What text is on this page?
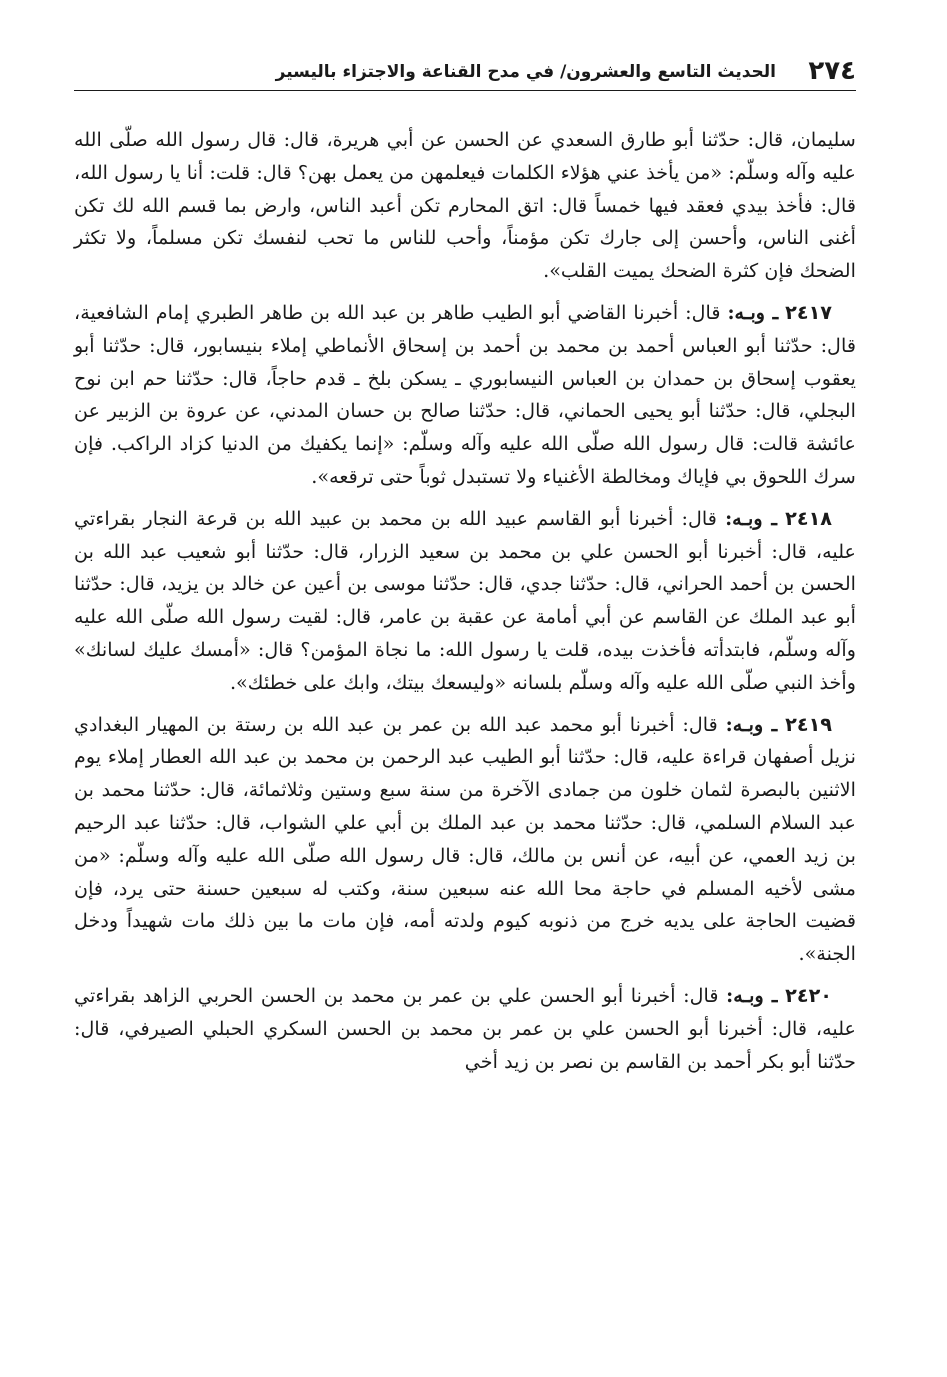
٢٧٤
الحديث التاسع والعشرون/ في مدح القناعة والاجتزاء باليسير

سليمان، قال: حدّثنا أبو طارق السعدي عن الحسن عن أبي هريرة، قال: قال رسول الله صلّى الله عليه وآله وسلّم: «من يأخذ عني هؤلاء الكلمات فيعلمهن من يعمل بهن؟ قال: قلت: أنا يا رسول الله، قال: فأخذ بيدي فعقد فيها خمساً قال: اتق المحارم تكن أعبد الناس، وارض بما قسم الله لك تكن أغنى الناس، وأحسن إلى جارك تكن مؤمناً، وأحب للناس ما تحب لنفسك تكن مسلماً، ولا تكثر الضحك فإن كثرة الضحك يميت القلب».

٢٤١٧ ـ وبـه: قال: أخبرنا القاضي أبو الطيب طاهر بن عبد الله بن طاهر الطبري إمام الشافعية، قال: حدّثنا أبو العباس أحمد بن محمد بن أحمد بن إسحاق الأنماطي إملاء بنيسابور، قال: حدّثنا أبو يعقوب إسحاق بن حمدان بن العباس النيسابوري ـ يسكن بلخ ـ قدم حاجاً، قال: حدّثنا حم ابن نوح البجلي، قال: حدّثنا أبو يحيى الحماني، قال: حدّثنا صالح بن حسان المدني، عن عروة بن الزبير عن عائشة قالت: قال رسول الله صلّى الله عليه وآله وسلّم: «إنما يكفيك من الدنيا كزاد الراكب. فإن سرك اللحوق بي فإياك ومخالطة الأغنياء ولا تستبدل ثوباً حتى ترقعه».

٢٤١٨ ـ وبـه: قال: أخبرنا أبو القاسم عبيد الله بن محمد بن عبيد الله بن قرعة النجار بقراءتي عليه، قال: أخبرنا أبو الحسن علي بن محمد بن سعيد الزرار، قال: حدّثنا أبو شعيب عبد الله بن الحسن بن أحمد الحراني، قال: حدّثنا جدي، قال: حدّثنا موسى بن أعين عن خالد بن يزيد، قال: حدّثنا أبو عبد الملك عن القاسم عن أبي أمامة عن عقبة بن عامر، قال: لقيت رسول الله صلّى الله عليه وآله وسلّم، فابتدأته فأخذت بيده، قلت يا رسول الله: ما نجاة المؤمن؟ قال: «أمسك عليك لسانك» وأخذ النبي صلّى الله عليه وآله وسلّم بلسانه «وليسعك بيتك، وابك على خطئك».

٢٤١٩ ـ وبـه: قال: أخبرنا أبو محمد عبد الله بن عمر بن عبد الله بن رستة بن المهيار البغدادي نزيل أصفهان قراءة عليه، قال: حدّثنا أبو الطيب عبد الرحمن بن محمد بن عبد الله العطار إملاء يوم الاثنين بالبصرة لثمان خلون من جمادى الآخرة من سنة سبع وستين وثلاثمائة، قال: حدّثنا محمد بن عبد السلام السلمي، قال: حدّثنا محمد بن عبد الملك بن أبي علي الشواب، قال: حدّثنا عبد الرحيم بن زيد العمي، عن أبيه، عن أنس بن مالك، قال: قال رسول الله صلّى الله عليه وآله وسلّم: «من مشى لأخيه المسلم في حاجة محا الله عنه سبعين سنة، وكتب له سبعين حسنة حتى يرد، فإن قضيت الحاجة على يديه خرج من ذنوبه كيوم ولدته أمه، فإن مات ما بين ذلك مات شهيداً ودخل الجنة».

٢٤٢٠ ـ وبـه: قال: أخبرنا أبو الحسن علي بن عمر بن محمد بن الحسن الحربي الزاهد بقراءتي عليه، قال: أخبرنا أبو الحسن علي بن عمر بن محمد بن الحسن السكري الحبلي الصيرفي، قال: حدّثنا أبو بكر أحمد بن القاسم بن نصر بن زيد أخي
